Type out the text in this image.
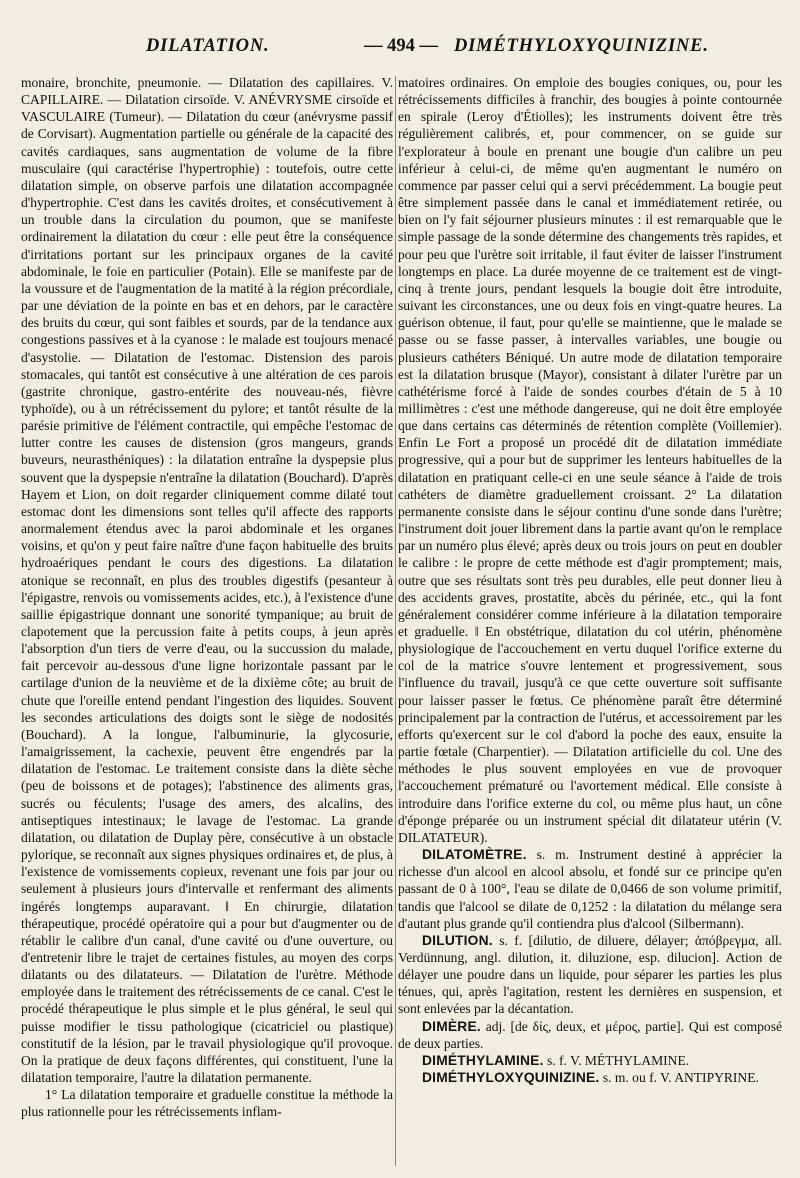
DILATATION.	— 494 — DIMÉTHYLOXYQUINIZINE.

monaire, bronchite, pneumonie. — Dilatation des capillaires. V. CAPILLAIRE. — Dilatation cirsoïde. V. ANÉVRYSME cirsoïde et VASCULAIRE (Tumeur). — Dilatation du cœur (anévrysme passif de Corvisart). Augmentation partielle ou générale de la capacité des cavités cardiaques, sans augmentation de volume de la fibre musculaire (qui caractérise l'hypertrophie) : toutefois, outre cette dilatation simple, on observe parfois une dilatation accompagnée d'hypertrophie. C'est dans les cavités droites, et consécutivement à un trouble dans la circulation du poumon, que se manifeste ordinairement la dilatation du cœur : elle peut être la conséquence d'irritations portant sur les principaux organes de la cavité abdominale, le foie en particulier (Potain). Elle se manifeste par de la voussure et de l'augmentation de la matité à la région précordiale, par une déviation de la pointe en bas et en dehors, par le caractère des bruits du cœur, qui sont faibles et sourds, par de la tendance aux congestions passives et à la cyanose : le malade est toujours menacé d'asystolie. — Dilatation de l'estomac. Distension des parois stomacales, qui tantôt est consécutive à une altération de ces parois (gastrite chronique, gastro-entérite des nouveau-nés, fièvre typhoïde), ou à un rétrécissement du pylore; et tantôt résulte de la parésie primitive de l'élément contractile, qui empêche l'estomac de lutter contre les causes de distension (gros mangeurs, grands buveurs, neurasthéniques) : la dilatation entraîne la dyspepsie plus souvent que la dyspepsie n'entraîne la dilatation (Bouchard). D'après Hayem et Lion, on doit regarder cliniquement comme dilaté tout estomac dont les dimensions sont telles qu'il affecte des rapports anormalement étendus avec la paroi abdominale et les organes voisins, et qu'on y peut faire naître d'une façon habituelle des bruits hydroaériques pendant le cours des digestions. La dilatation atonique se reconnaît, en plus des troubles digestifs (pesanteur à l'épigastre, renvois ou vomissements acides, etc.), à l'existence d'une saillie épigastrique donnant une sonorité tympanique; au bruit de clapotement que la percussion faite à petits coups, à jeun après l'absorption d'un tiers de verre d'eau, ou la succussion du malade, fait percevoir au-dessous d'une ligne horizontale passant par le cartilage d'union de la neuvième et de la dixième côte; au bruit de chute que l'oreille entend pendant l'ingestion des liquides. Souvent les secondes articulations des doigts sont le siège de nodosités (Bouchard). A la longue, l'albuminurie, la glycosurie, l'amaigrissement, la cachexie, peuvent être engendrés par la dilatation de l'estomac. Le traitement consiste dans la diète sèche (peu de boissons et de potages); l'abstinence des aliments gras, sucrés ou féculents; l'usage des amers, des alcalins, des antiseptiques intestinaux; le lavage de l'estomac. La grande dilatation, ou dilatation de Duplay père, consécutive à un obstacle pylorique, se reconnaît aux signes physiques ordinaires et, de plus, à l'existence de vomissements copieux, revenant une fois par jour ou seulement à plusieurs jours d'intervalle et renfermant des aliments ingérés longtemps auparavant. ‖ En chirurgie, dilatation thérapeutique, procédé opératoire qui a pour but d'augmenter ou de rétablir le calibre d'un canal, d'une cavité ou d'une ouverture, ou d'entretenir libre le trajet de certaines fistules, au moyen des corps dilatants ou des dilatateurs. — Dilatation de l'urètre. Méthode employée dans le traitement des rétrécissements de ce canal. C'est le procédé thérapeutique le plus simple et le plus général, le seul qui puisse modifier le tissu pathologique (cicatriciel ou plastique) constitutif de la lésion, par le travail physiologique qu'il provoque. On la pratique de deux façons différentes, qui constituent, l'une la dilatation temporaire, l'autre la dilatation permanente.

1° La dilatation temporaire et graduelle constitue la méthode la plus rationnelle pour les rétrécissements inflam-

matoires ordinaires. On emploie des bougies coniques, ou, pour les rétrécissements difficiles à franchir, des bougies à pointe contournée en spirale (Leroy d'Étiolles); les instruments doivent être très régulièrement calibrés, et, pour commencer, on se guide sur l'explorateur à boule en prenant une bougie d'un calibre un peu inférieur à celui-ci, de même qu'en augmentant le numéro on commence par passer celui qui a servi précédemment. La bougie peut être simplement passée dans le canal et immédiatement retirée, ou bien on l'y fait séjourner plusieurs minutes : il est remarquable que le simple passage de la sonde détermine des changements très rapides, et pour peu que l'urètre soit irritable, il faut éviter de laisser l'instrument longtemps en place. La durée moyenne de ce traitement est de vingt-cinq à trente jours, pendant lesquels la bougie doit être introduite, suivant les circonstances, une ou deux fois en vingt-quatre heures. La guérison obtenue, il faut, pour qu'elle se maintienne, que le malade se passe ou se fasse passer, à intervalles variables, une bougie ou plusieurs cathéters Béniqué. Un autre mode de dilatation temporaire est la dilatation brusque (Mayor), consistant à dilater l'urètre par un cathétérisme forcé à l'aide de sondes courbes d'étain de 5 à 10 millimètres : c'est une méthode dangereuse, qui ne doit être employée que dans certains cas déterminés de rétention complète (Voillemier). Enfin Le Fort a proposé un procédé dit de dilatation immédiate progressive, qui a pour but de supprimer les lenteurs habituelles de la dilatation en pratiquant celle-ci en une seule séance à l'aide de trois cathéters de diamètre graduellement croissant. 2° La dilatation permanente consiste dans le séjour continu d'une sonde dans l'urètre; l'instrument doit jouer librement dans la partie avant qu'on le remplace par un numéro plus élevé; après deux ou trois jours on peut en doubler le calibre : le propre de cette méthode est d'agir promptement; mais, outre que ses résultats sont très peu durables, elle peut donner lieu à des accidents graves, prostatite, abcès du périnée, etc., qui la font généralement considérer comme inférieure à la dilatation temporaire et graduelle. ‖ En obstétrique, dilatation du col utérin, phénomène physiologique de l'accouchement en vertu duquel l'orifice externe du col de la matrice s'ouvre lentement et progressivement, sous l'influence du travail, jusqu'à ce que cette ouverture soit suffisante pour laisser passer le fœtus. Ce phénomène paraît être déterminé principalement par la contraction de l'utérus, et accessoirement par les efforts qu'exercent sur le col d'abord la poche des eaux, ensuite la partie fœtale (Charpentier). — Dilatation artificielle du col. Une des méthodes le plus souvent employées en vue de provoquer l'accouchement prématuré ou l'avortement médical. Elle consiste à introduire dans l'orifice externe du col, ou même plus haut, un cône d'éponge préparée ou un instrument spécial dit dilatateur utérin (V. DILATATEUR).

DILATOMÈTRE. s. m. Instrument destiné à apprécier la richesse d'un alcool en alcool absolu, et fondé sur ce principe qu'en passant de 0 à 100°, l'eau se dilate de 0,0466 de son volume primitif, tandis que l'alcool se dilate de 0,1252 : la dilatation du mélange sera d'autant plus grande qu'il contiendra plus d'alcool (Silbermann).

DILUTION. s. f. [dilutio, de diluere, délayer; ἀπόβρεγμα, all. Verdünnung, angl. dilution, it. diluzione, esp. dilucion]. Action de délayer une poudre dans un liquide, pour séparer les parties les plus ténues, qui, après l'agitation, restent les dernières en suspension, et sont enlevées par la décantation.

DIMÈRE. adj. [de δίς, deux, et μέρος, partie]. Qui est composé de deux parties.

DIMÉTHYLAMINE. s. f. V. MÉTHYLAMINE.

DIMÉTHYLOXYQUINIZINE. s. m. ou f. V. ANTIPYRINE.
